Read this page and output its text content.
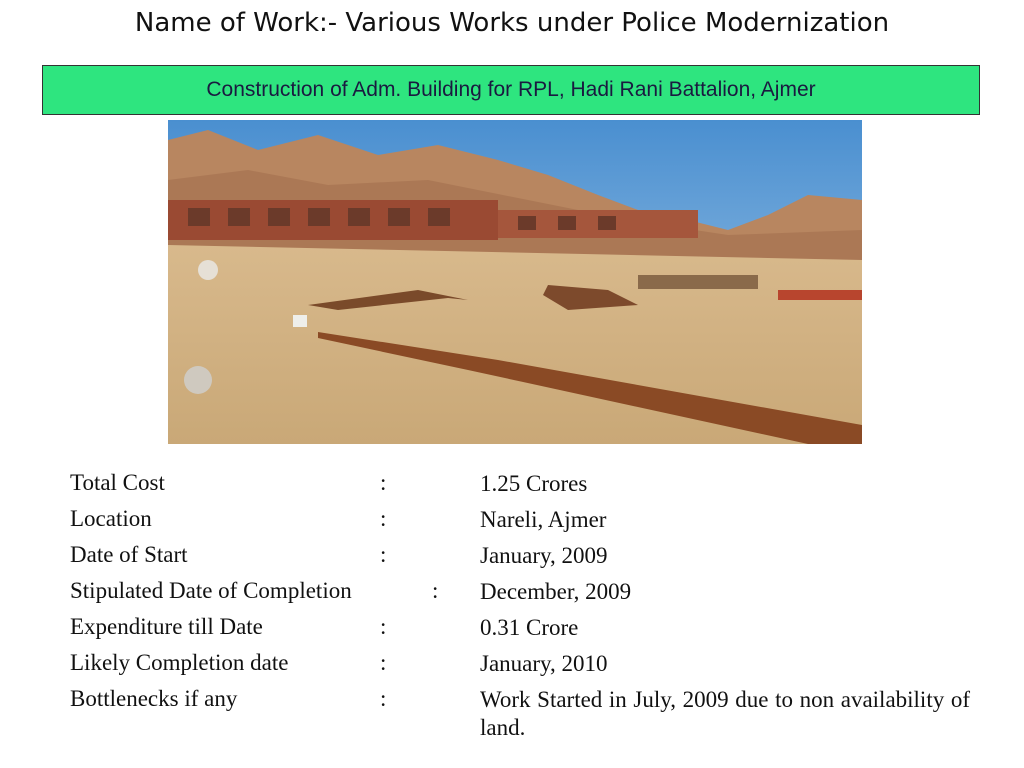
Name of Work:- Various Works under Police Modernization
Construction of Adm. Building for RPL, Hadi Rani Battalion, Ajmer
Total Cost	:	1.25 Crores
Location	:	Nareli, Ajmer
Date of Start	:	January, 2009
Stipulated Date of Completion	: December, 2009
Expenditure till Date	:	0.31 Crore
Likely Completion date	:	January, 2010
Bottlenecks if any	:	Work Started in July, 2009 due to non availability of land.
